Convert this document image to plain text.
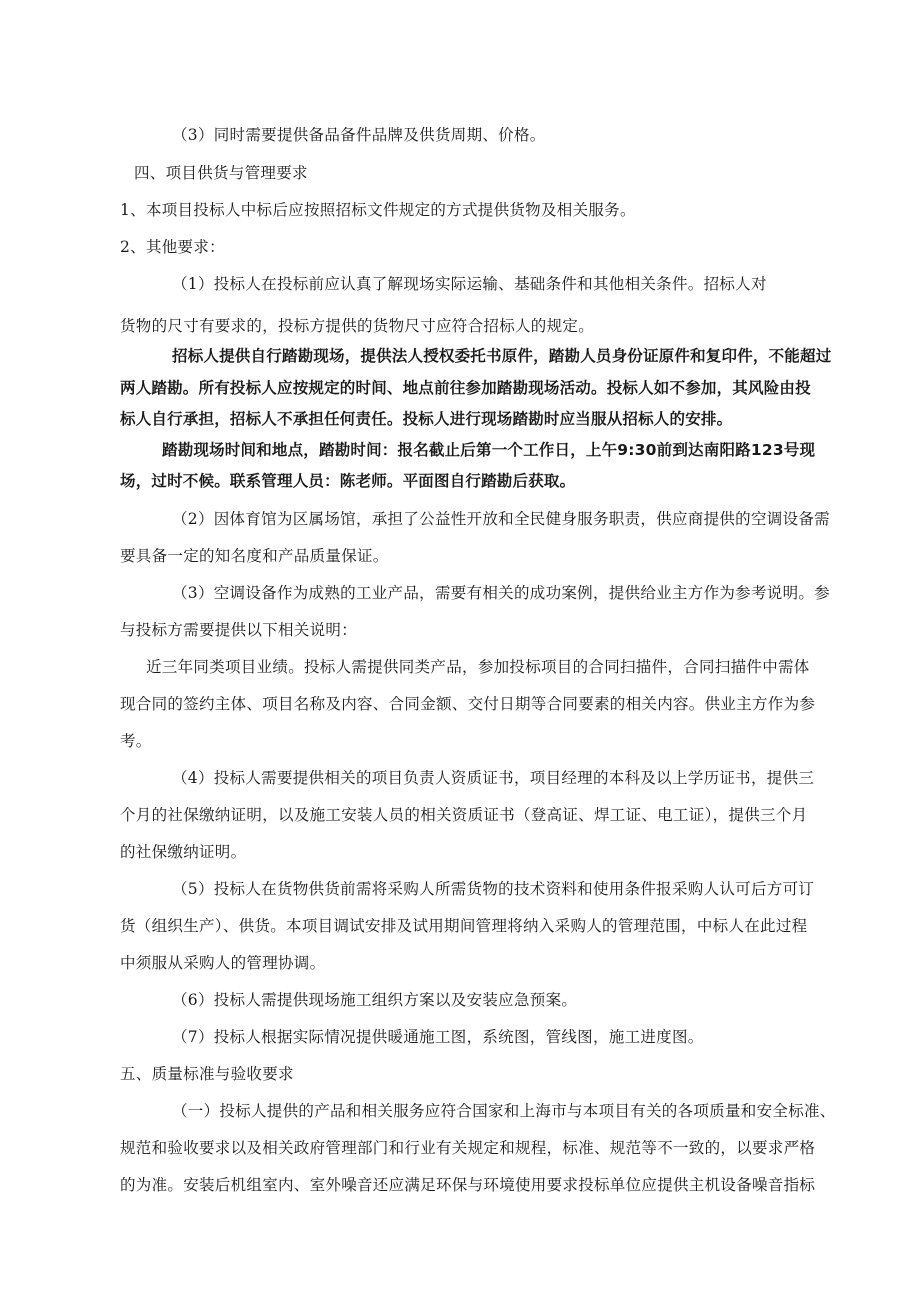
（3）同时需要提供备品备件品牌及供货周期、价格。
四、项目供货与管理要求
1、本项目投标人中标后应按照招标文件规定的方式提供货物及相关服务。
2、其他要求：
（1）投标人在投标前应认真了解现场实际运输、基础条件和其他相关条件。招标人对
货物的尺寸有要求的，投标方提供的货物尺寸应符合招标人的规定。
招标人提供自行踏勘现场，提供法人授权委托书原件，踏勘人员身份证原件和复印件，不能超过
两人踏勘。所有投标人应按规定的时间、地点前往参加踏勘现场活动。投标人如不参加，其风险由投
标人自行承担，招标人不承担任何责任。投标人进行现场踏勘时应当服从招标人的安排。
踏勘现场时间和地点，踏勘时间：报名截止后第一个工作日，上午9:30前到达南阳路123号现
场，过时不候。联系管理人员：陈老师。平面图自行踏勘后获取。
（2）因体育馆为区属场馆，承担了公益性开放和全民健身服务职责，供应商提供的空调设备需
要具备一定的知名度和产品质量保证。
（3）空调设备作为成熟的工业产品，需要有相关的成功案例，提供给业主方作为参考说明。参
与投标方需要提供以下相关说明：
近三年同类项目业绩。投标人需提供同类产品，参加投标项目的合同扫描件，合同扫描件中需体
现合同的签约主体、项目名称及内容、合同金额、交付日期等合同要素的相关内容。供业主方作为参
考。
（4）投标人需要提供相关的项目负责人资质证书，项目经理的本科及以上学历证书，提供三
个月的社保缴纳证明，以及施工安装人员的相关资质证书（登高证、焊工证、电工证），提供三个月
的社保缴纳证明。
（5）投标人在货物供货前需将采购人所需货物的技术资料和使用条件报采购人认可后方可订
货（组织生产）、供货。本项目调试安排及试用期间管理将纳入采购人的管理范围，中标人在此过程
中须服从采购人的管理协调。
（6）投标人需提供现场施工组织方案以及安装应急预案。
（7）投标人根据实际情况提供暖通施工图，系统图，管线图，施工进度图。
五、质量标准与验收要求
（一）投标人提供的产品和相关服务应符合国家和上海市与本项目有关的各项质量和安全标准、
规范和验收要求以及相关政府管理部门和行业有关规定和规程，标准、规范等不一致的，以要求严格
的为准。安装后机组室内、室外噪音还应满足环保与环境使用要求投标单位应提供主机设备噪音指标
